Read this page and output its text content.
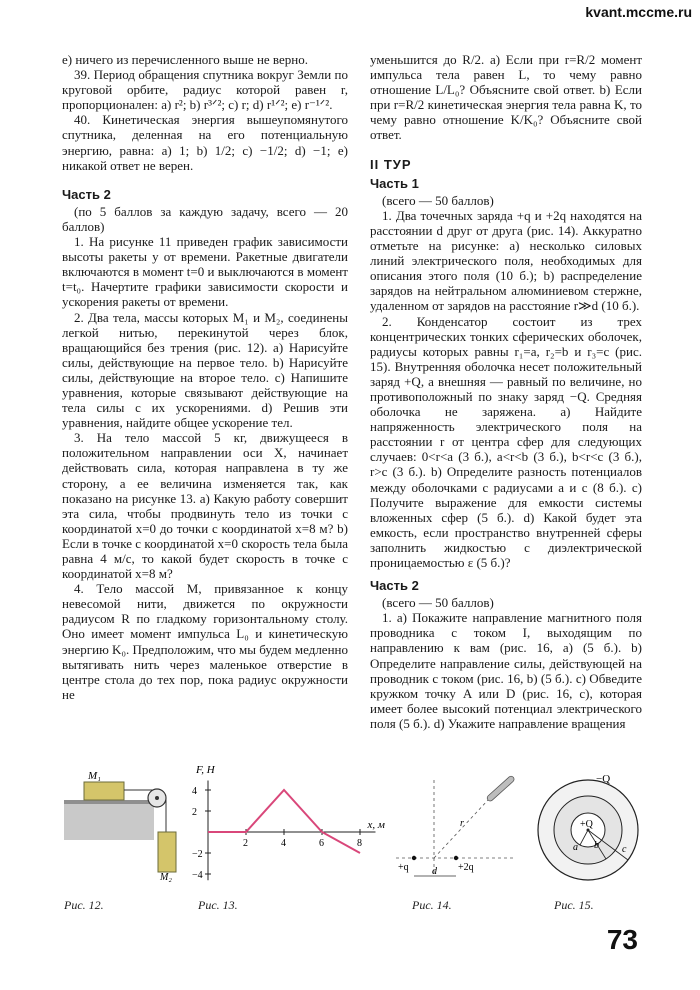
kvant.mccme.ru

e) ничего из перечисленного выше не верно.

39. Период обращения спутника вокруг Земли по круговой орбите, радиус которой равен r, пропорционален: a) r²; b) r³ᐟ²; c) r; d) r¹ᐟ²; e) r⁻¹ᐟ².

40. Кинетическая энергия вышеупомянутого спутника, деленная на его потенциальную энергию, равна: a) 1; b) 1/2; c) −1/2; d) −1; e) никакой ответ не верен.

Часть 2

(по 5 баллов за каждую задачу, всего — 20 баллов)

1. На рисунке 11 приведен график зависимости высоты ракеты y от времени. Ракетные двигатели включаются в момент t=0 и выключаются в момент t=t₀. Начертите графики зависимости скорости и ускорения ракеты от времени.

2. Два тела, массы которых M₁ и M₂, соединены легкой нитью, перекинутой через блок, вращающийся без трения (рис. 12). a) Нарисуйте силы, действующие на первое тело. b) Нарисуйте силы, действующие на второе тело. c) Напишите уравнения, которые связывают действующие на тела силы с их ускорениями. d) Решив эти уравнения, найдите общее ускорение тел.

3. На тело массой 5 кг, движущееся в положительном направлении оси X, начинает действовать сила, которая направлена в ту же сторону, а ее величина изменяется так, как показано на рисунке 13. a) Какую работу совершит эта сила, чтобы продвинуть тело из точки с координатой x=0 до точки с координатой x=8 м? b) Если в точке с координатой x=0 скорость тела была равна 4 м/с, то какой будет скорость в точке с координатой x=8 м?

4. Тело массой M, привязанное к концу невесомой нити, движется по окружности радиусом R по гладкому горизонтальному столу. Оно имеет момент импульса L₀ и кинетическую энергию K₀. Предположим, что мы будем медленно вытягивать нить через маленькое отверстие в центре стола до тех пор, пока радиус окружности не

уменьшится до R/2. a) Если при r=R/2 момент импульса тела равен L, то чему равно отношение L/L₀? Объясните свой ответ. b) Если при r=R/2 кинетическая энергия тела равна K, то чему равно отношение K/K₀? Объясните свой ответ.

II ТУР
Часть 1

(всего — 50 баллов)

1. Два точечных заряда +q и +2q находятся на расстоянии d друг от друга (рис. 14). Аккуратно отметьте на рисунке: a) несколько силовых линий электрического поля, необходимых для описания этого поля (10 б.); b) распределение зарядов на нейтральном алюминиевом стержне, удаленном от зарядов на расстояние r≫d (10 б.).

2. Конденсатор состоит из трех концентрических тонких сферических оболочек, радиусы которых равны r₁=a, r₂=b и r₃=c (рис. 15). Внутренняя оболочка несет положительный заряд +Q, а внешняя — равный по величине, но противоположный по знаку заряд −Q. Средняя оболочка не заряжена. a) Найдите напряженность электрического поля на расстоянии r от центра сфер для следующих случаев: 0<r<a (3 б.), a<r<b (3 б.), b<r<c (3 б.), r>c (3 б.). b) Определите разность потенциалов между оболочками с радиусами a и c (8 б.). c) Получите выражение для емкости системы вложенных сфер (5 б.). d) Какой будет эта емкость, если пространство внутренней сферы заполнить жидкостью с диэлектрической проницаемостью ε (5 б.)?

Часть 2

(всего — 50 баллов)

1. a) Покажите направление магнитного поля проводника с током I, выходящим по направлению к вам (рис. 16, a) (5 б.). b) Определите направление силы, действующей на проводник с током (рис. 16, b) (5 б.). c) Обведите кружком точку A или D (рис. 16, c), которая имеет более высокий потенциал электрического поля (5 б.). d) Укажите направление вращения

M₁
M₂
Рис. 12.
F, Н
x, м
4
2
−2
−4
2	4	6	8
Рис. 13.
r
+q	+2q
d
Рис. 14.
−Q
+Q
a b c
Рис. 15.
73
